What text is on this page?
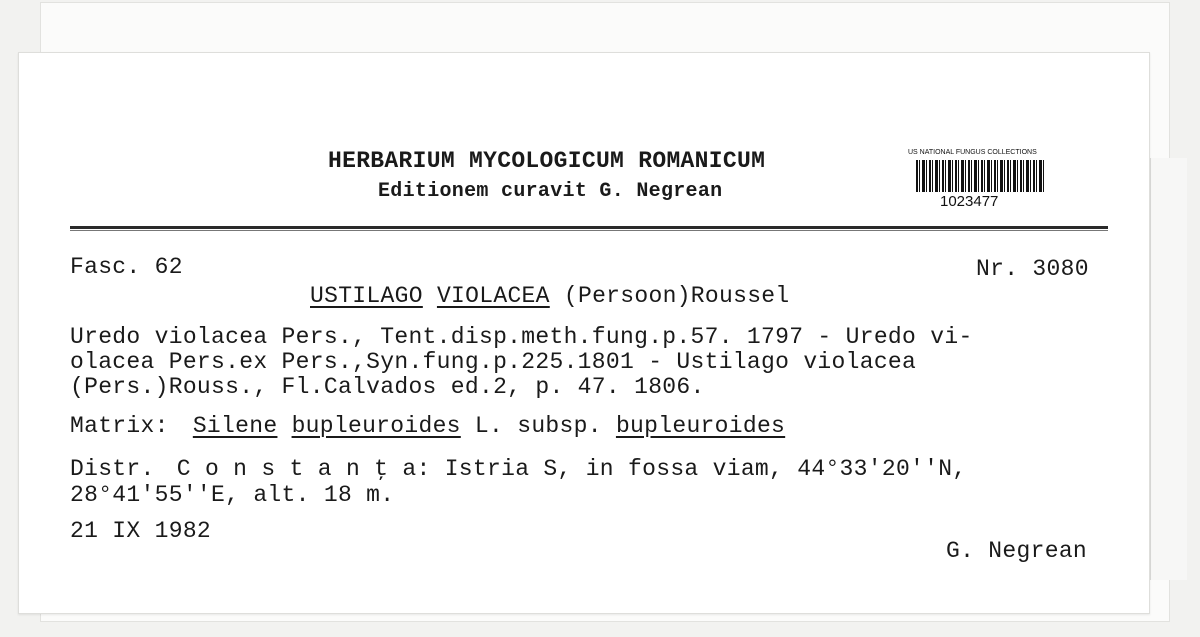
HERBARIUM MYCOLOGICUM ROMANICUM
Editionem curavit G. Negrean
US NATIONAL FUNGUS COLLECTIONS
1023477
Fasc. 62	Nr. 3080
USTILAGO VIOLACEA (Persoon)Roussel
Uredo violacea Pers., Tent.disp.meth.fung.p.57. 1797 - Uredo vi-
olacea Pers.ex Pers.,Syn.fung.p.225.1801 - Ustilago violacea
(Pers.)Rouss., Fl.Calvados ed.2, p. 47. 1806.
Matrix: Silene bupleuroides L. subsp. bupleuroides
Distr. C o n s t a n ţ a: Istria S, in fossa viam, 44°33'20''N,
28°41'55''E, alt. 18 m.
21 IX 1982
G. Negrean
